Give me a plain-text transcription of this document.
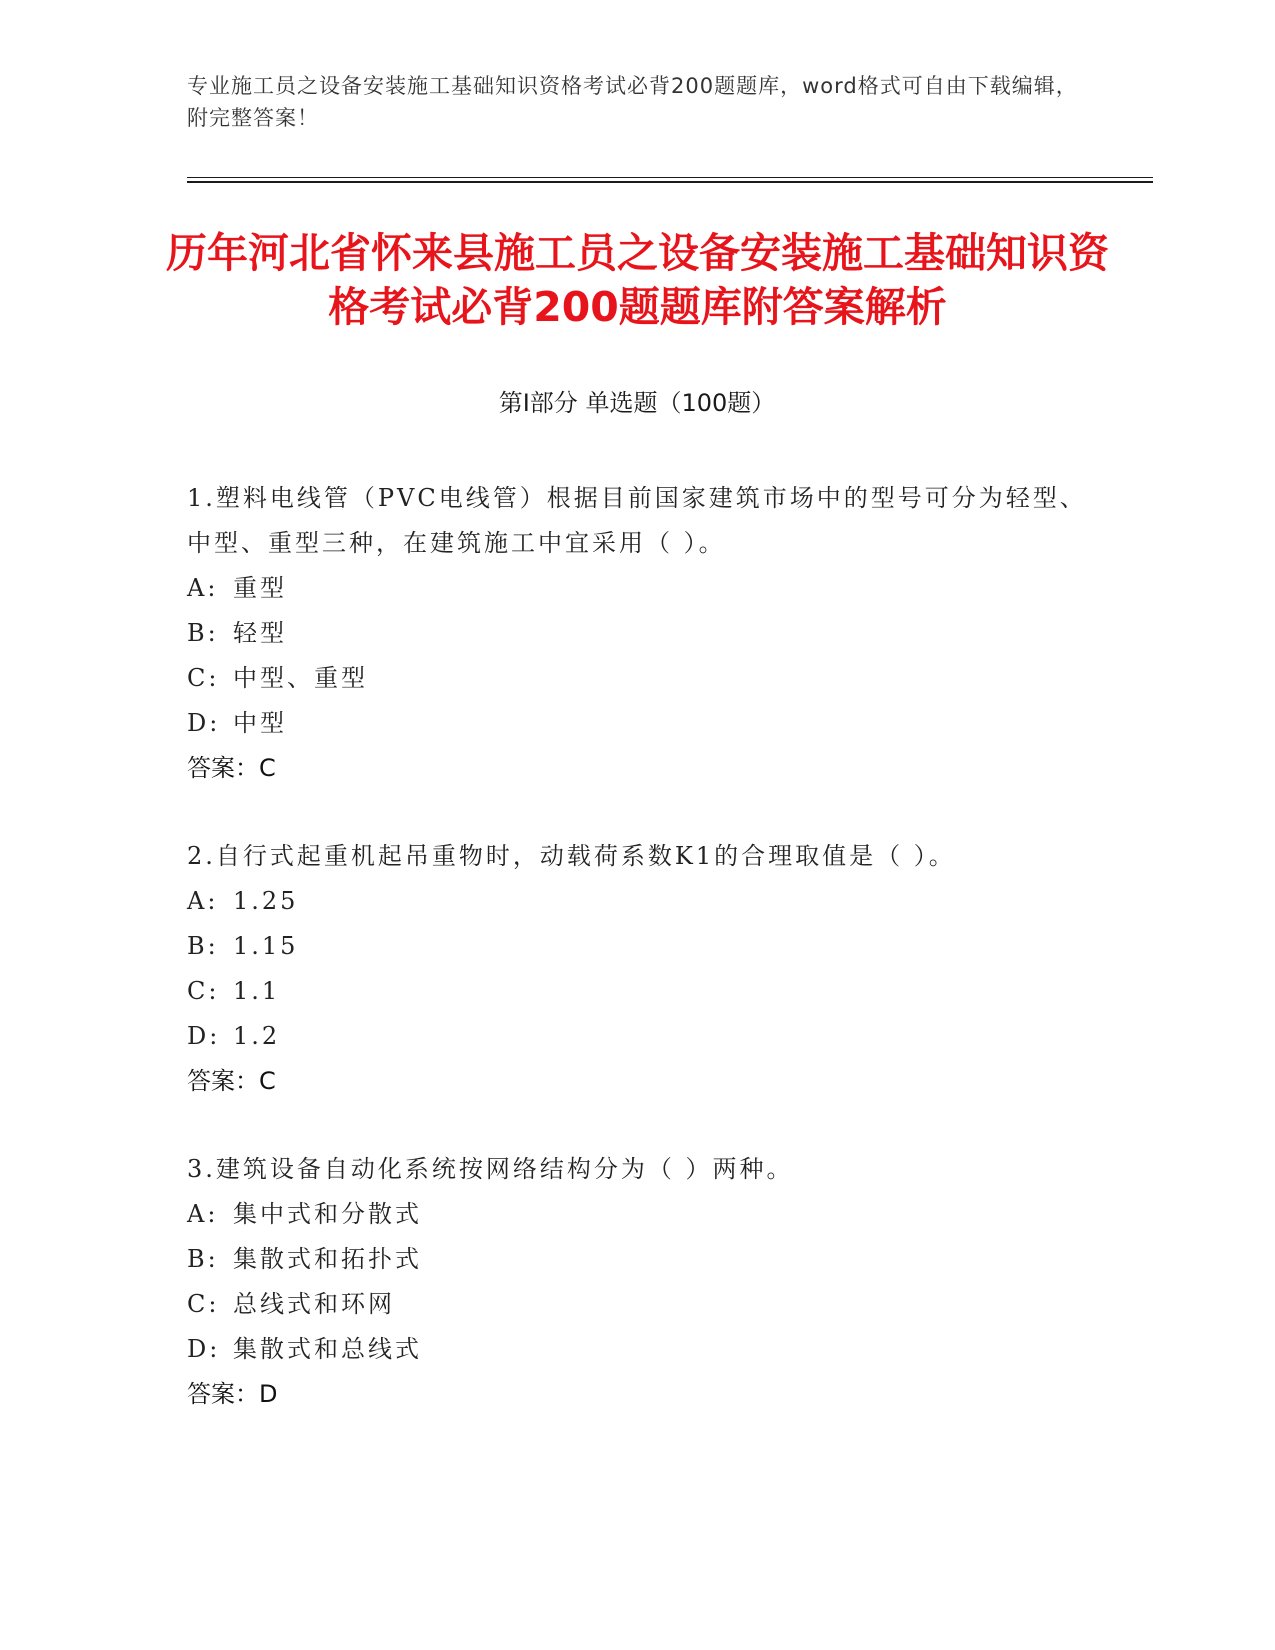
专业施工员之设备安装施工基础知识资格考试必背200题题库，word格式可自由下载编辑，附完整答案！
历年河北省怀来县施工员之设备安装施工基础知识资格考试必背200题题库附答案解析
第Ⅰ部分 单选题（100题）

1.塑料电线管（PVC电线管）根据目前国家建筑市场中的型号可分为轻型、中型、重型三种，在建筑施工中宜采用（ ）。

A: 重型

B: 轻型

C: 中型、重型

D: 中型

答案：C

2.自行式起重机起吊重物时，动载荷系数K1的合理取值是（ ）。

A: 1.25

B: 1.15

C: 1.1

D: 1.2

答案：C

3.建筑设备自动化系统按网络结构分为（ ）两种。

A: 集中式和分散式

B: 集散式和拓扑式

C: 总线式和环网

D: 集散式和总线式

答案：D
